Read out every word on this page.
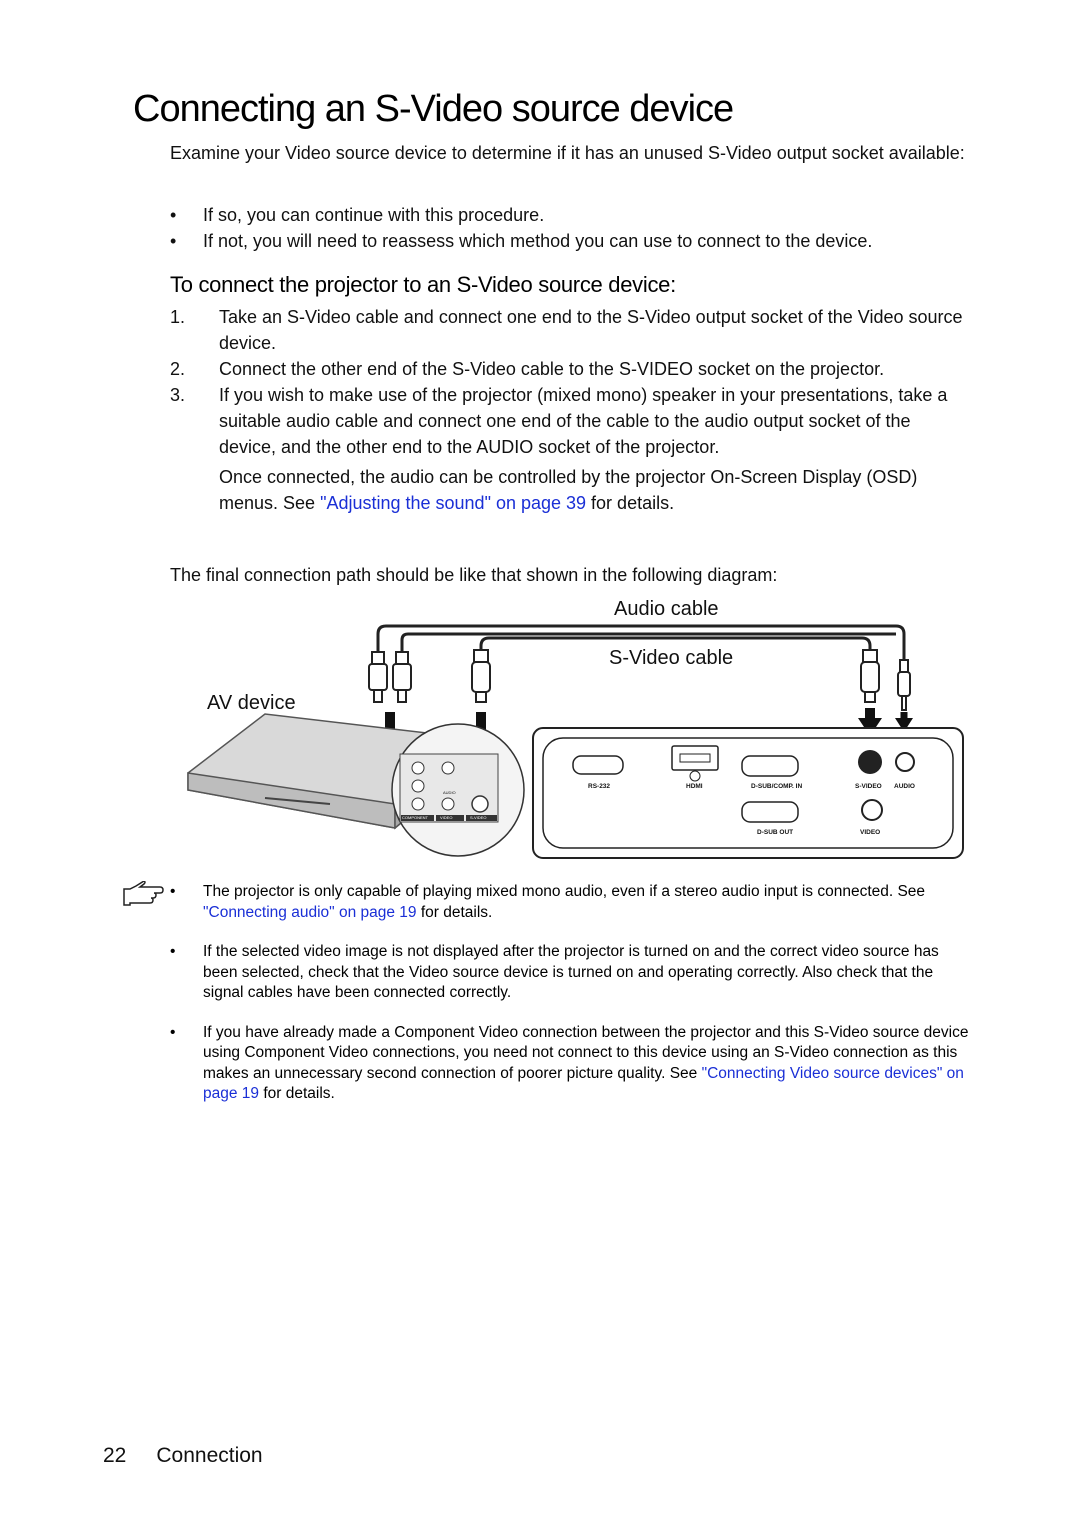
Connecting an S-Video source device
Examine your Video source device to determine if it has an unused S-Video output socket available:
• If so, you can continue with this procedure.
• If not, you will need to reassess which method you can use to connect to the device.
To connect the projector to an S-Video source device:
1. Take an S-Video cable and connect one end to the S-Video output socket of the Video source device.
2. Connect the other end of the S-Video cable to the S-VIDEO socket on the projector.
3. If you wish to make use of the projector (mixed mono) speaker in your presentations, take a suitable audio cable and connect one end of the cable to the audio output socket of the device, and the other end to the AUDIO socket of the projector.
Once connected, the audio can be controlled by the projector On-Screen Display (OSD) menus. See "Adjusting the sound" on page 39 for details.
The final connection path should be like that shown in the following diagram:
Audio cable
S-Video cable
AV device
RS-232	HDMI	D-SUB/COMP. IN	S-VIDEO AUDIO
D-SUB OUT	VIDEO
COMPONENT	VIDEO	S-VIDEO
AUDIO
• The projector is only capable of playing mixed mono audio, even if a stereo audio input is connected. See "Connecting audio" on page 19 for details.
• If the selected video image is not displayed after the projector is turned on and the correct video source has been selected, check that the Video source device is turned on and operating correctly. Also check that the signal cables have been connected correctly.
• If you have already made a Component Video connection between the projector and this S-Video source device using Component Video connections, you need not connect to this device using an S-Video connection as this makes an unnecessary second connection of poorer picture quality. See "Connecting Video source devices" on page 19 for details.
22 Connection
